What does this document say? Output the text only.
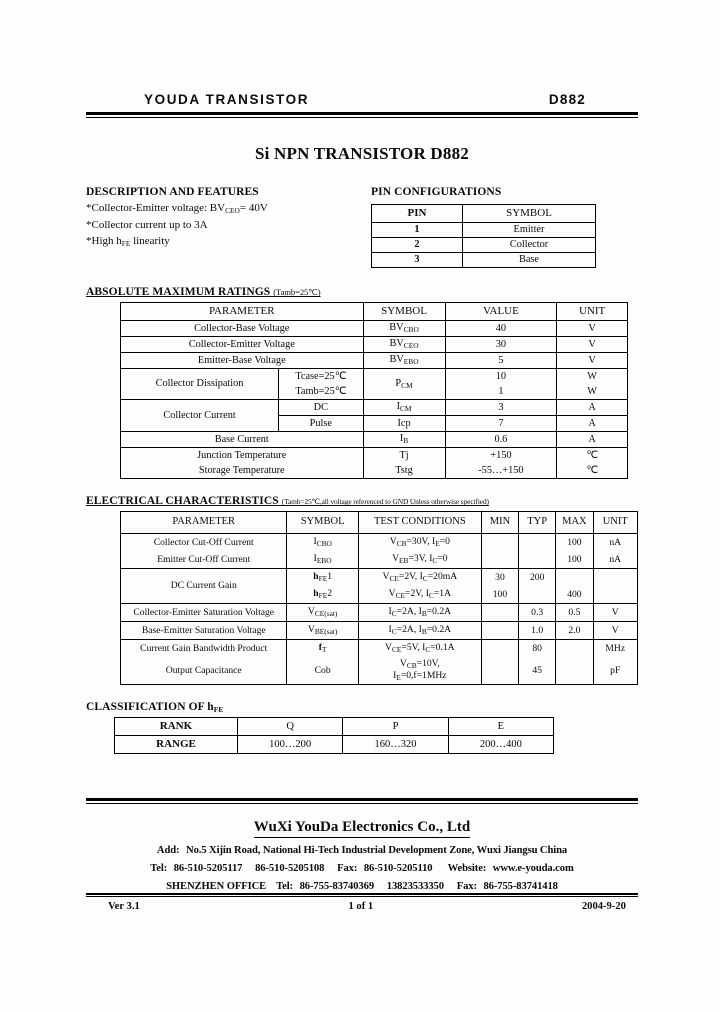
YOUDA TRANSISTOR	D882
Si NPN TRANSISTOR D882
DESCRIPTION AND FEATURES
*Collector-Emitter voltage: $BV_{CEO}= 40V$
*Collector current up to 3A
*High $h_{FE}$ linearity
PIN CONFIGURATIONS
PIN	SYMBOL
1	Emitter
2	Collector
3	Base
ABSOLUTE MAXIMUM RATINGS (Tamb=25℃)
PARAMETER		SYMBOL	VALUE	UNIT
Collector-Base Voltage		$BV_{CBO}$	40	V
Collector-Emitter Voltage		$BV_{CEO}$	30	V
Emitter-Base Voltage		$BV_{EBO}$	5	V
Collector Dissipation	Tcase=25℃	$P_{CM}$	10	W
	Tamb=25℃		1	W
Collector Current	DC	$I_{CM}$	3	A
	Pulse	Icp	7	A
Base Current		$I_B$	0.6	A
Junction Temperature		Tj	+150	℃
Storage Temperature		Tstg	-55…+150	℃
ELECTRICAL CHARACTERISTICS (Tamb=25℃,all voltage referenced to GND Unless otherwise specified)
PARAMETER	SYMBOL	TEST CONDITIONS	MIN	TYP	MAX	UNIT
Collector Cut-Off Current	$I_{CBO}$	$V_{CB}=30V$, $I_E=0$			100	nA
Emitter Cut-Off Current	$I_{EBO}$	$V_{EB}=3V$, $I_C=0$			100	nA
DC Current Gain	$h_{FE}1$	$V_{CE}=2V$, $I_C=20mA$	30	200		
	$h_{FE}2$	$V_{CE}=2V$, $I_C=1A$	100		400	
Collector-Emitter Saturation Voltage	$V_{CE(sat)}$	$I_C=2A$, $I_B=0.2A$		0.3	0.5	V
Base-Emitter Saturation Voltage	$V_{BE(sat)}$	$I_C=2A$, $I_B=0.2A$		1.0	2.0	V
Current Gain Bandwidth Product	$f_T$	$V_{CE}=5V$, $I_C=0.1A$		80		MHz
Output Capacitance	Cob	$V_{CB}=10V$,
$I_E=0,f=1MHz$		45		pF
CLASSIFICATION OF $h_{FE}$
RANK	Q	P	E
RANGE	100…200	160…320	200…400
WuXi YouDa Electronics Co., Ltd
Add: No.5 Xijin Road, National Hi-Tech Industrial Development Zone, Wuxi Jiangsu China
Tel: 86-510-5205117 86-510-5205108 Fax: 86-510-5205110 Website: www.e-youda.com
SHENZHEN OFFICE Tel: 86-755-83740369 13823533350 Fax: 86-755-83741418
Ver 3.1	1 of 1	2004-9-20
